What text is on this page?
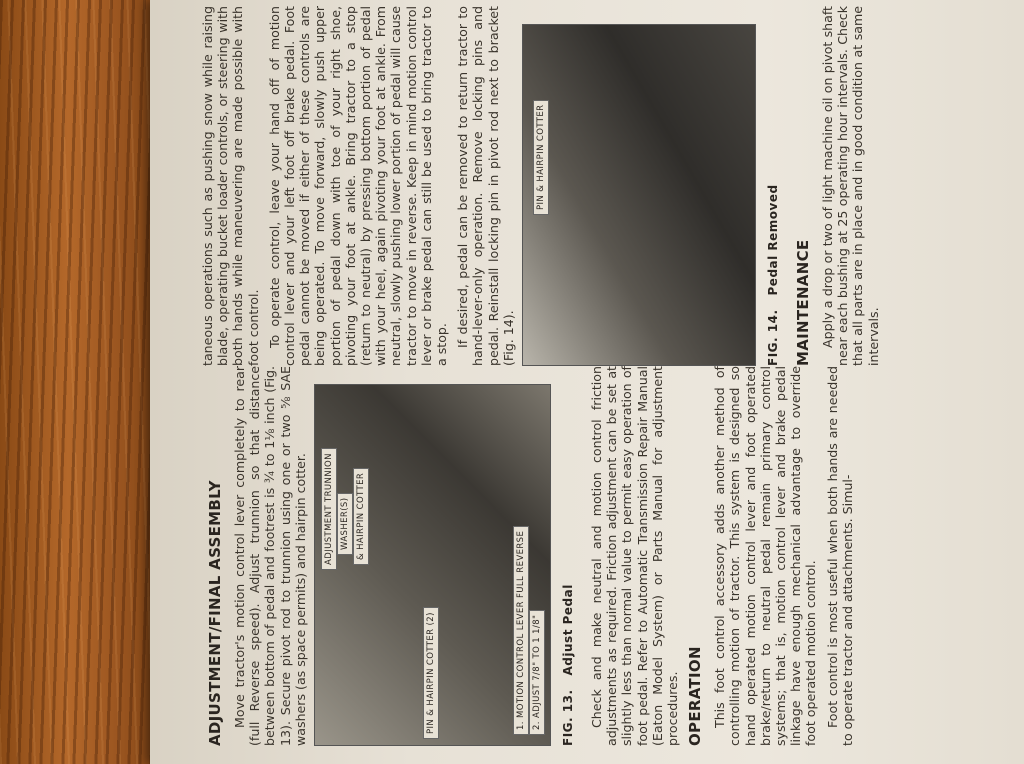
ADJUSTMENT/FINAL ASSEMBLY Move tractor's motion control lever completely to rear (full Reverse speed). Adjust trunnion so that distance between bottom of pedal and footrest is ¾ to 1⅛ inch (Fig. 13). Secure pivot rod to trunnion using one or two ⅝ SAE washers (as space permits) and hairpin cotter.	ADJUSTMENT TRUNNION WASHER(S) & HAIRPIN COTTER
PIN & HAIRPIN COTTER (2)	1. MOTION CONTROL LEVER FULL REVERSE 2. ADJUST 7/8" TO 1 1/8" FIG. 13.Adjust Pedal Check and make neutral and motion control friction adjustments as required. Friction adjustment can be set at slightly less than normal value to permit easy operation of foot pedal. Refer to Automatic Transmission Repair Manual (Eaton Model System) or Parts Manual for adjustment procedures. OPERATION This foot control accessory adds another method of controlling motion of tractor. This system is designed so hand operated motion control lever and foot operated brake/return to neutral pedal remain primary control systems; that is, motion control lever and brake pedal linkage have enough mechanical advantage to override foot operated motion control. Foot control is most useful when both hands are needed to operate tractor and attachments. Simul-

taneous operations such as pushing snow while raising blade, operating bucket loader controls, or steering with both hands while maneuvering are made possible with foot control. To operate control, leave your hand off of motion control lever and your left foot off brake pedal. Foot pedal cannot be moved if either of these controls are being operated. To move forward, slowly push upper portion of pedal down with toe of your right shoe, pivoting your foot at ankle. Bring tractor to a stop (return to neutral) by pressing bottom portion of pedal with your heel, again pivoting your foot at ankle. From neutral, slowly pushing lower portion of pedal will cause tractor to move in reverse. Keep in mind motion control lever or brake pedal can still be used to bring tractor to a stop. If desired, pedal can be removed to return tractor to hand-lever-only operation. Remove locking pins and pedal. Reinstall locking pin in pivot rod next to bracket (Fig. 14).

PIN & HAIRPIN COTTER
FIG. 14.Pedal Removed MAINTENANCE Apply a drop or two of light machine oil on pivot shaft near each bushing at 25 operating hour intervals. Check that all parts are in place and in good condition at same intervals.
